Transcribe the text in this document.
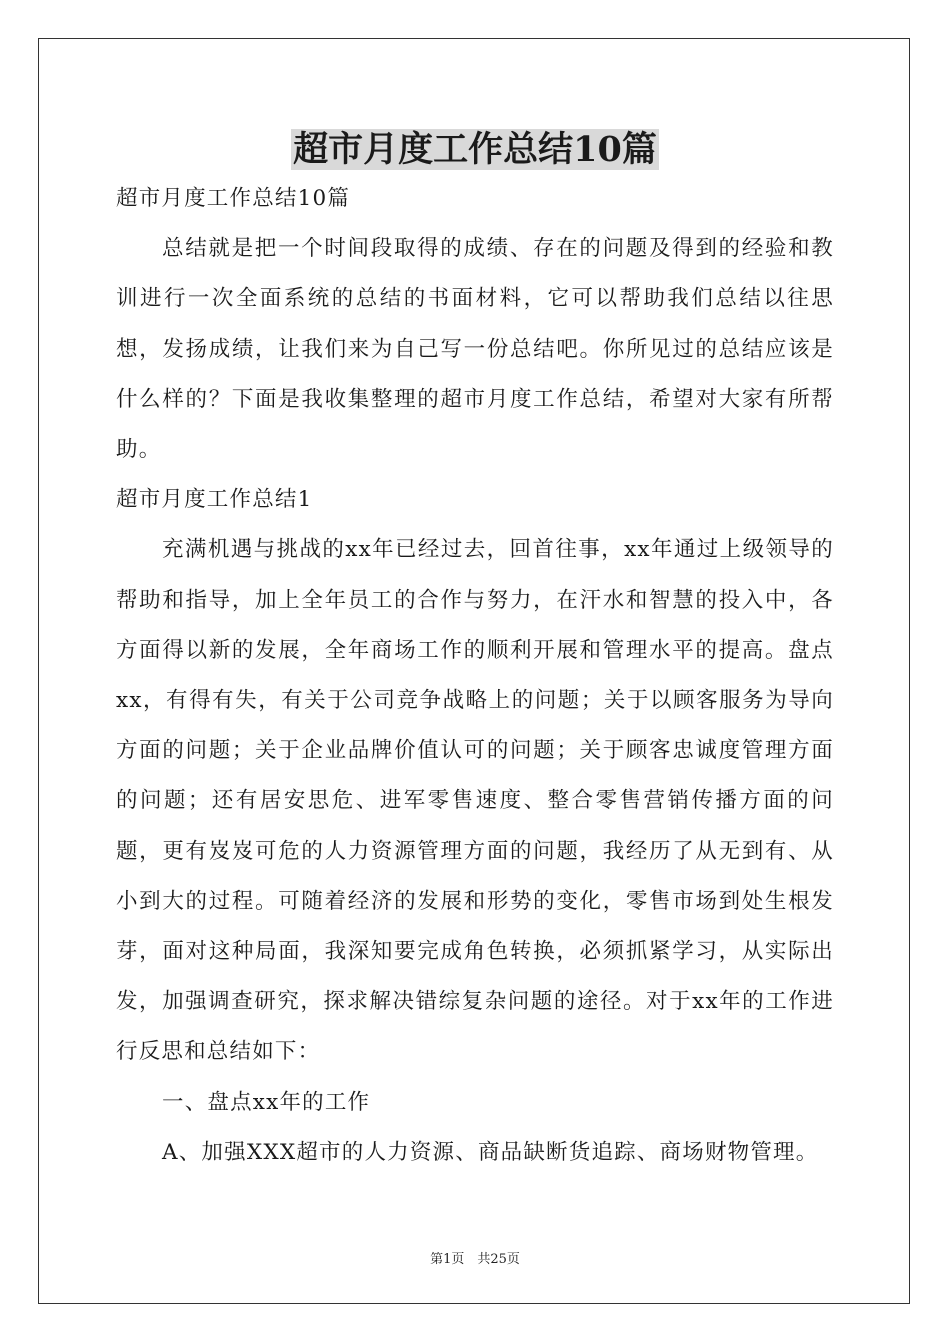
超市月度工作总结10篇

超市月度工作总结10篇

总结就是把一个时间段取得的成绩、存在的问题及得到的经验和教训进行一次全面系统的总结的书面材料，它可以帮助我们总结以往思想，发扬成绩，让我们来为自己写一份总结吧。你所见过的总结应该是什么样的？下面是我收集整理的超市月度工作总结，希望对大家有所帮助。

超市月度工作总结1

充满机遇与挑战的xx年已经过去，回首往事，xx年通过上级领导的帮助和指导，加上全年员工的合作与努力，在汗水和智慧的投入中，各方面得以新的发展，全年商场工作的顺利开展和管理水平的提高。盘点xx，有得有失，有关于公司竞争战略上的问题；关于以顾客服务为导向方面的问题；关于企业品牌价值认可的问题；关于顾客忠诚度管理方面的问题；还有居安思危、进军零售速度、整合零售营销传播方面的问题，更有岌岌可危的人力资源管理方面的问题，我经历了从无到有、从小到大的过程。可随着经济的发展和形势的变化，零售市场到处生根发芽，面对这种局面，我深知要完成角色转换，必须抓紧学习，从实际出发，加强调查研究，探求解决错综复杂问题的途径。对于xx年的工作进行反思和总结如下：

一、盘点xx年的工作

A、加强XXX超市的人力资源、商品缺断货追踪、商场财物管理。

第1页　共25页
